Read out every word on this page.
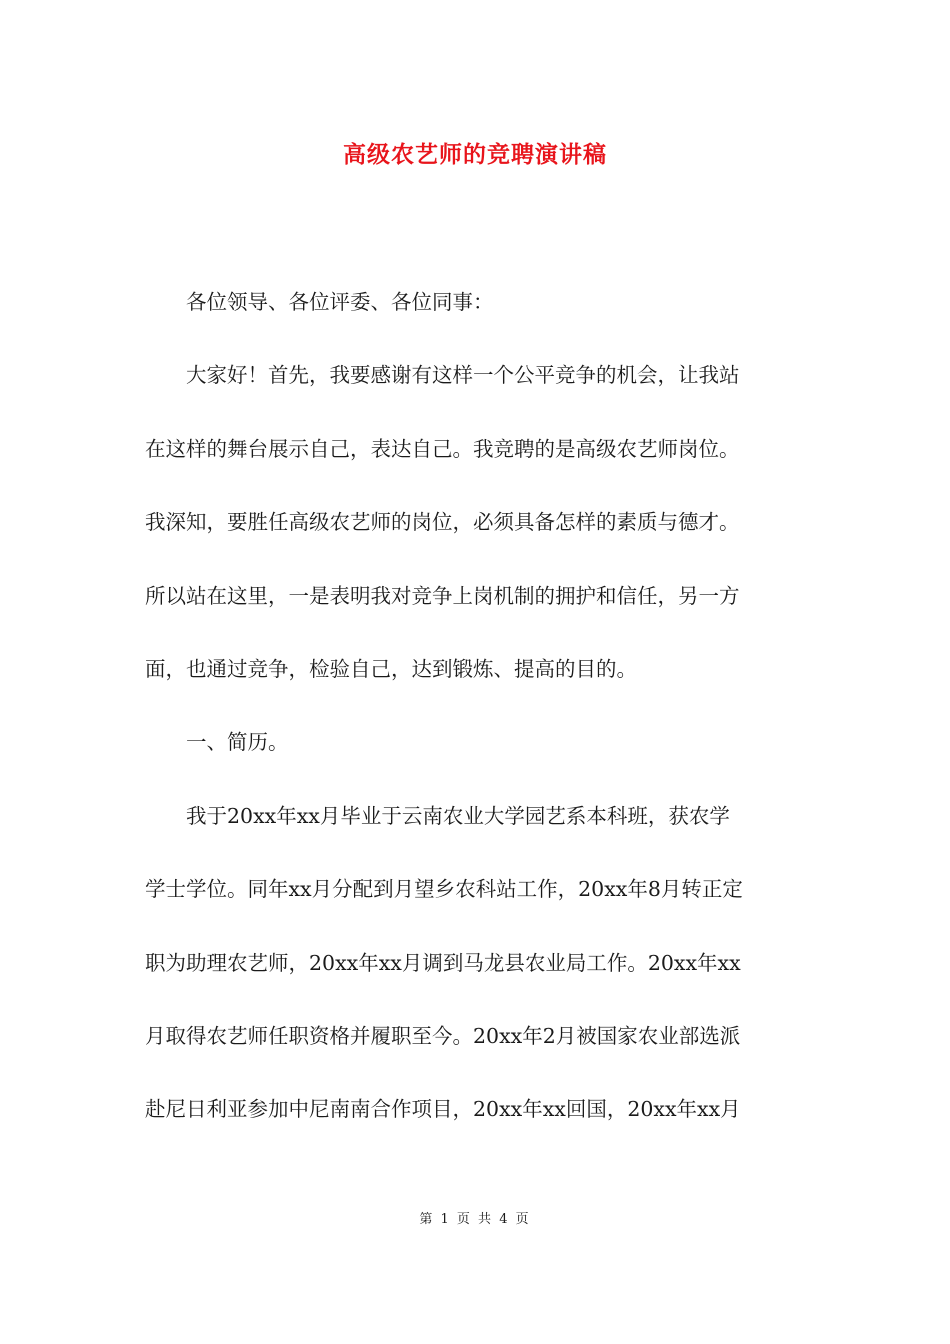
高级农艺师的竞聘演讲稿
　　各位领导、各位评委、各位同事：
　　大家好！首先，我要感谢有这样一个公平竞争的机会，让我站
在这样的舞台展示自己，表达自己。我竞聘的是高级农艺师岗位。
我深知，要胜任高级农艺师的岗位，必须具备怎样的素质与德才。
所以站在这里，一是表明我对竞争上岗机制的拥护和信任，另一方
面，也通过竞争，检验自己，达到锻炼、提高的目的。
　　一、简历。
　　我于20xx年xx月毕业于云南农业大学园艺系本科班，获农学
学士学位。同年xx月分配到月望乡农科站工作，20xx年8月转正定
职为助理农艺师，20xx年xx月调到马龙县农业局工作。20xx年xx
月取得农艺师任职资格并履职至今。20xx年2月被国家农业部选派
赴尼日利亚参加中尼南南合作项目，20xx年xx回国，20xx年xx月
第 1 页 共 4 页
